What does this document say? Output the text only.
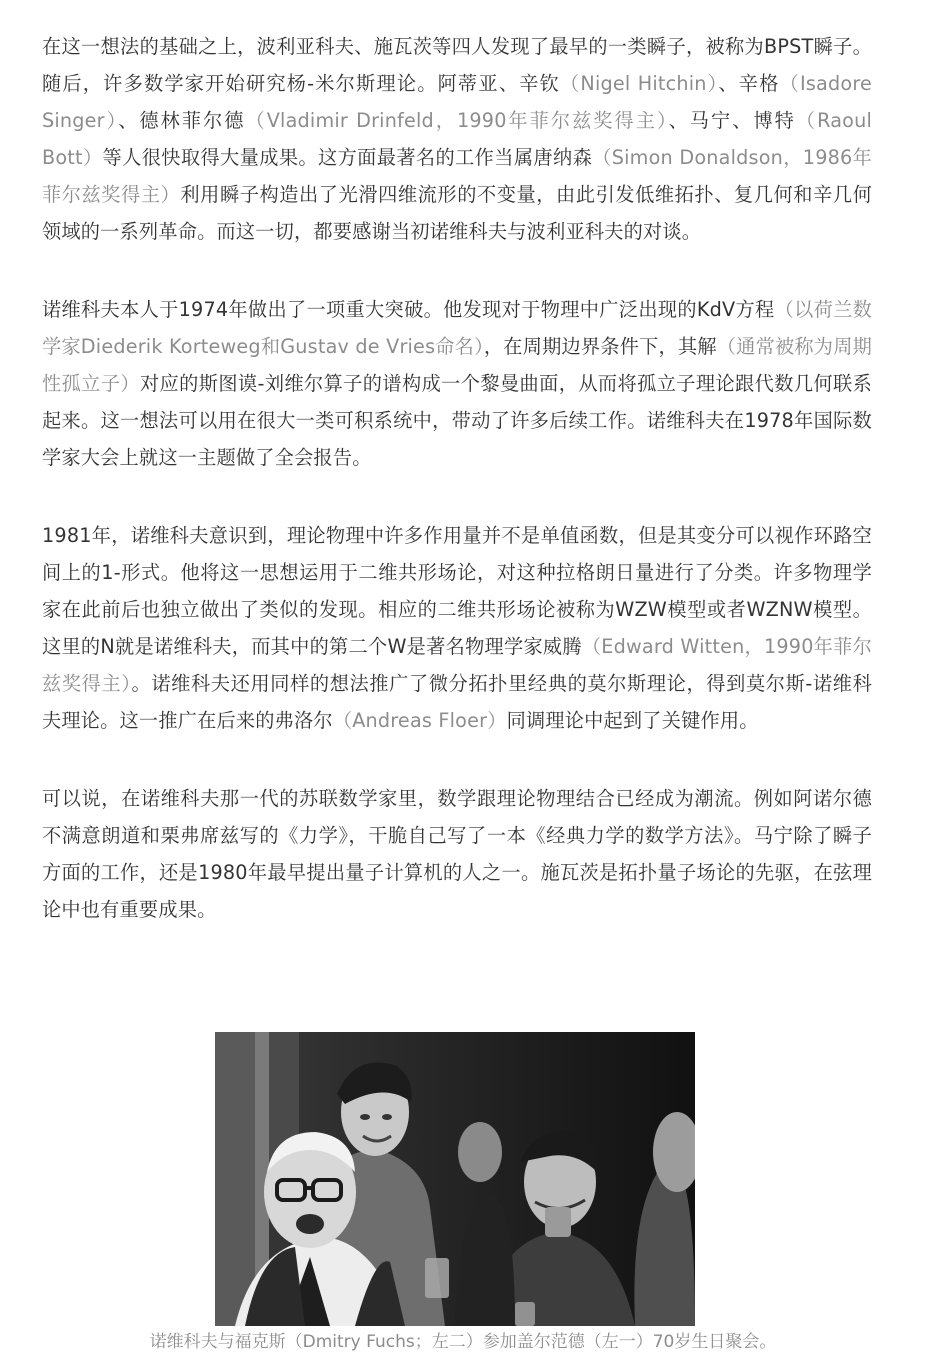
在这一想法的基础之上，波利亚科夫、施瓦茨等四人发现了最早的一类瞬子，被称为BPST瞬子。随后，许多数学家开始研究杨-米尔斯理论。阿蒂亚、辛钦（Nigel Hitchin）、辛格（Isadore Singer）、德林菲尔德（Vladimir Drinfeld，1990年菲尔兹奖得主）、马宁、博特（Raoul Bott）等人很快取得大量成果。这方面最著名的工作当属唐纳森（Simon Donaldson，1986年菲尔兹奖得主）利用瞬子构造出了光滑四维流形的不变量，由此引发低维拓扑、复几何和辛几何领域的一系列革命。而这一切，都要感谢当初诺维科夫与波利亚科夫的对谈。

诺维科夫本人于1974年做出了一项重大突破。他发现对于物理中广泛出现的KdV方程（以荷兰数学家Diederik Korteweg和Gustav de Vries命名），在周期边界条件下，其解（通常被称为周期性孤立子）对应的斯图谟-刘维尔算子的谱构成一个黎曼曲面，从而将孤立子理论跟代数几何联系起来。这一想法可以用在很大一类可积系统中，带动了许多后续工作。诺维科夫在1978年国际数学家大会上就这一主题做了全会报告。

1981年，诺维科夫意识到，理论物理中许多作用量并不是单值函数，但是其变分可以视作环路空间上的1-形式。他将这一思想运用于二维共形场论，对这种拉格朗日量进行了分类。许多物理学家在此前后也独立做出了类似的发现。相应的二维共形场论被称为WZW模型或者WZNW模型。这里的N就是诺维科夫，而其中的第二个W是著名物理学家威腾（Edward Witten，1990年菲尔兹奖得主）。诺维科夫还用同样的想法推广了微分拓扑里经典的莫尔斯理论，得到莫尔斯-诺维科夫理论。这一推广在后来的弗洛尔（Andreas Floer）同调理论中起到了关键作用。

可以说，在诺维科夫那一代的苏联数学家里，数学跟理论物理结合已经成为潮流。例如阿诺尔德不满意朗道和栗弗席兹写的《力学》，干脆自己写了一本《经典力学的数学方法》。马宁除了瞬子方面的工作，还是1980年最早提出量子计算机的人之一。施瓦茨是拓扑量子场论的先驱，在弦理论中也有重要成果。

诺维科夫与福克斯（Dmitry Fuchs；左二）参加盖尔范德（左一）70岁生日聚会。
